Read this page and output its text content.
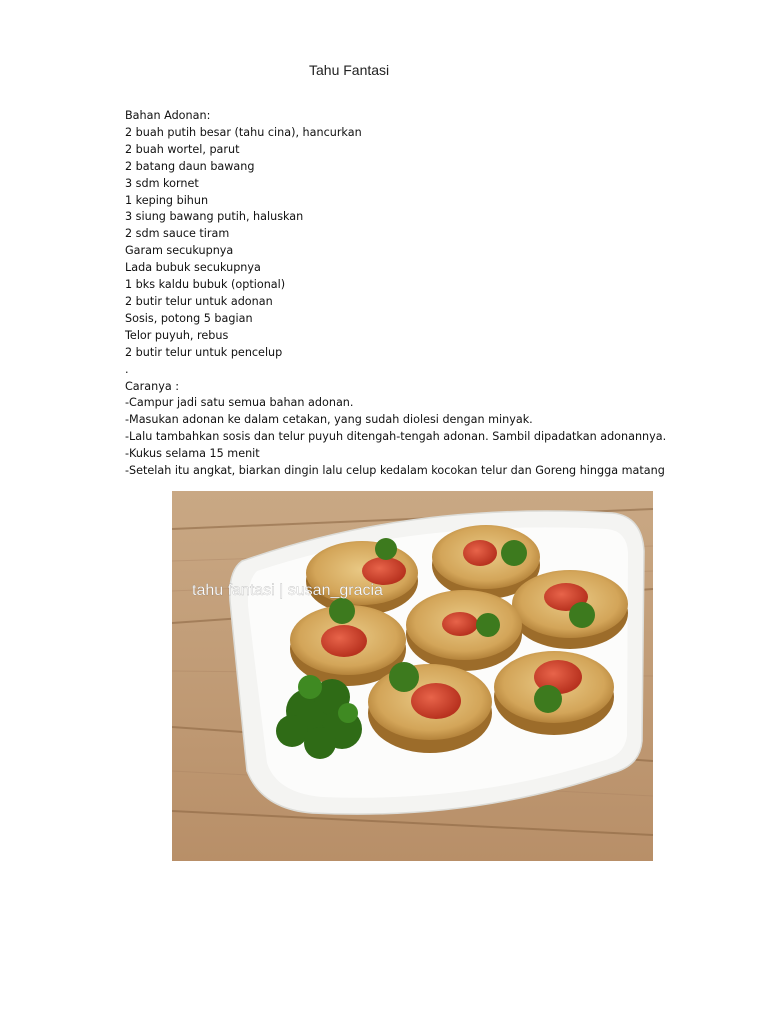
Tahu Fantasi
Bahan Adonan:
2 buah putih besar (tahu cina), hancurkan
2 buah wortel, parut
2 batang daun bawang
3 sdm kornet
1 keping bihun
3 siung bawang putih, haluskan
2 sdm sauce tiram
Garam secukupnya
Lada bubuk secukupnya
1 bks kaldu bubuk (optional)
2 butir telur untuk adonan
Sosis, potong 5 bagian
Telor puyuh, rebus
2 butir telur untuk pencelup
.
Caranya :
-Campur jadi satu semua bahan adonan.
-Masukan adonan ke dalam cetakan, yang sudah diolesi dengan minyak.
-Lalu tambahkan sosis dan telur puyuh ditengah-tengah adonan. Sambil dipadatkan adonannya.
-Kukus selama 15 menit
-Setelah itu angkat, biarkan dingin lalu celup kedalam kocokan telur dan Goreng hingga matang
tahu fantasi | susan_gracia
